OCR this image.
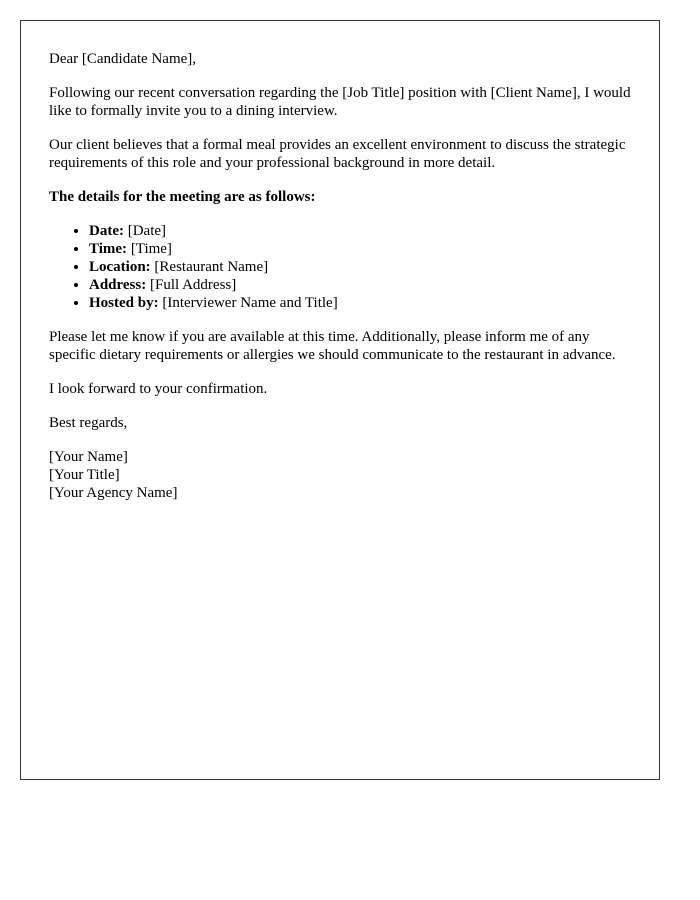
Dear [Candidate Name],

Following our recent conversation regarding the [Job Title] position with [Client Name], I would like to formally invite you to a dining interview.

Our client believes that a formal meal provides an excellent environment to discuss the strategic requirements of this role and your professional background in more detail.

The details for the meeting are as follows:

• Date: [Date]
• Time: [Time]
• Location: [Restaurant Name]
• Address: [Full Address]
• Hosted by: [Interviewer Name and Title]

Please let me know if you are available at this time. Additionally, please inform me of any specific dietary requirements or allergies we should communicate to the restaurant in advance.

I look forward to your confirmation.

Best regards,

[Your Name]
[Your Title]
[Your Agency Name]
